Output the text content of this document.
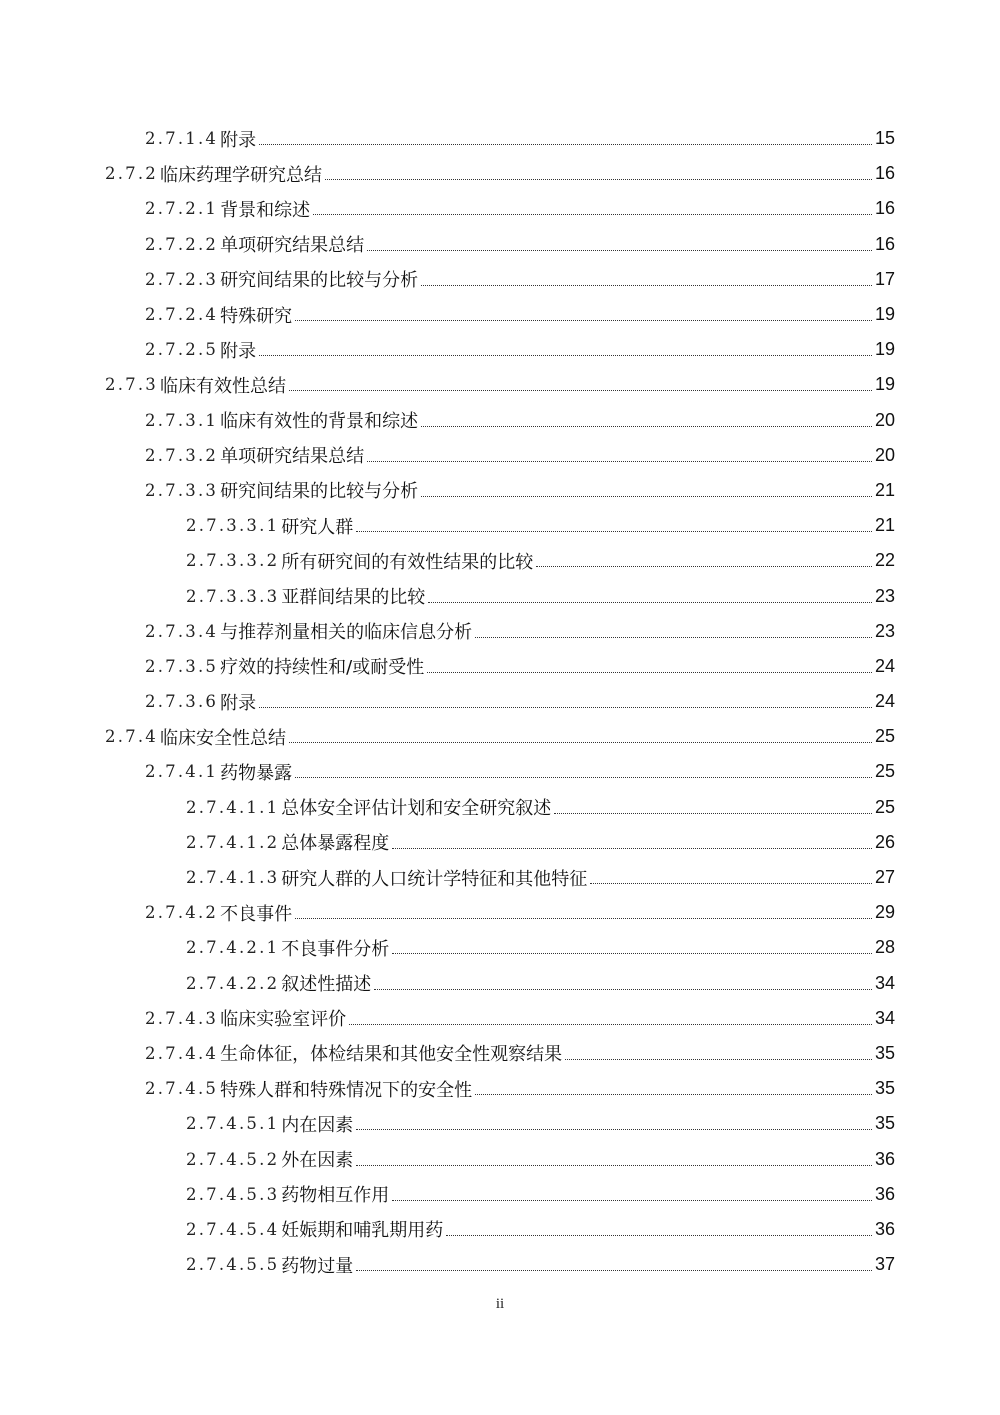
2.7.1.4 附录	15
2.7.2 临床药理学研究总结	16
2.7.2.1 背景和综述	16
2.7.2.2 单项研究结果总结	16
2.7.2.3 研究间结果的比较与分析	17
2.7.2.4 特殊研究	19
2.7.2.5 附录	19
2.7.3 临床有效性总结	19
2.7.3.1 临床有效性的背景和综述	20
2.7.3.2 单项研究结果总结	20
2.7.3.3 研究间结果的比较与分析	21
2.7.3.3.1 研究人群	21
2.7.3.3.2 所有研究间的有效性结果的比较	22
2.7.3.3.3 亚群间结果的比较	23
2.7.3.4 与推荐剂量相关的临床信息分析	23
2.7.3.5 疗效的持续性和/或耐受性	24
2.7.3.6 附录	24
2.7.4 临床安全性总结	25
2.7.4.1 药物暴露	25
2.7.4.1.1 总体安全评估计划和安全研究叙述	25
2.7.4.1.2 总体暴露程度	26
2.7.4.1.3 研究人群的人口统计学特征和其他特征	27
2.7.4.2 不良事件	29
2.7.4.2.1 不良事件分析	28
2.7.4.2.2 叙述性描述	34
2.7.4.3 临床实验室评价	34
2.7.4.4 生命体征，体检结果和其他安全性观察结果	35
2.7.4.5 特殊人群和特殊情况下的安全性	35
2.7.4.5.1 内在因素	35
2.7.4.5.2 外在因素	36
2.7.4.5.3 药物相互作用	36
2.7.4.5.4 妊娠期和哺乳期用药	36
2.7.4.5.5 药物过量	37
ii
